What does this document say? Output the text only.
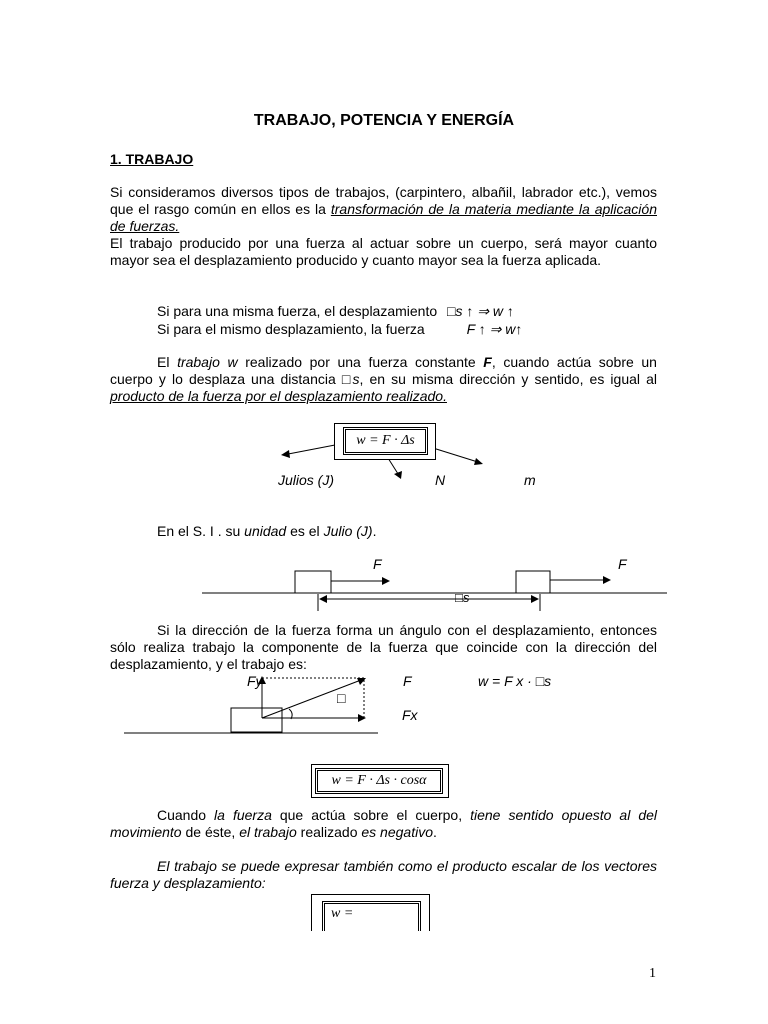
TRABAJO, POTENCIA Y ENERGÍA
1. TRABAJO
Si consideramos diversos tipos de trabajos, (carpintero, albañil, labrador etc.), vemos que el rasgo común en ellos es la transformación de la materia mediante la aplicación de fuerzas.
El trabajo producido por una fuerza al actuar sobre un cuerpo, será mayor cuanto mayor sea el desplazamiento producido y cuanto mayor sea la fuerza aplicada.
Si para una misma fuerza, el desplazamiento □s ↑ ⇒ w ↑
Si para el mismo desplazamiento, la fuerza	F ↑ ⇒ w↑
El trabajo w realizado por una fuerza constante F, cuando actúa sobre un cuerpo y lo desplaza una distancia □s, en su misma dirección y sentido, es igual al producto de la fuerza por el desplazamiento realizado.
w = F · Δs
Julios (J)	N	m
En el S. I . su unidad es el Julio (J).
F	F
□s
Si la dirección de la fuerza forma un ángulo con el desplazamiento, entonces sólo realiza trabajo la componente de la fuerza que coincide con la dirección del desplazamiento, y el trabajo es:
Fy	F
□
Fx
w = F x · □s
w = F · Δs · cosα
Cuando la fuerza que actúa sobre el cuerpo, tiene sentido opuesto al del movimiento de éste, el trabajo realizado es negativo.
El trabajo se puede expresar también como el producto escalar de los vectores fuerza y desplazamiento:
w =
1
